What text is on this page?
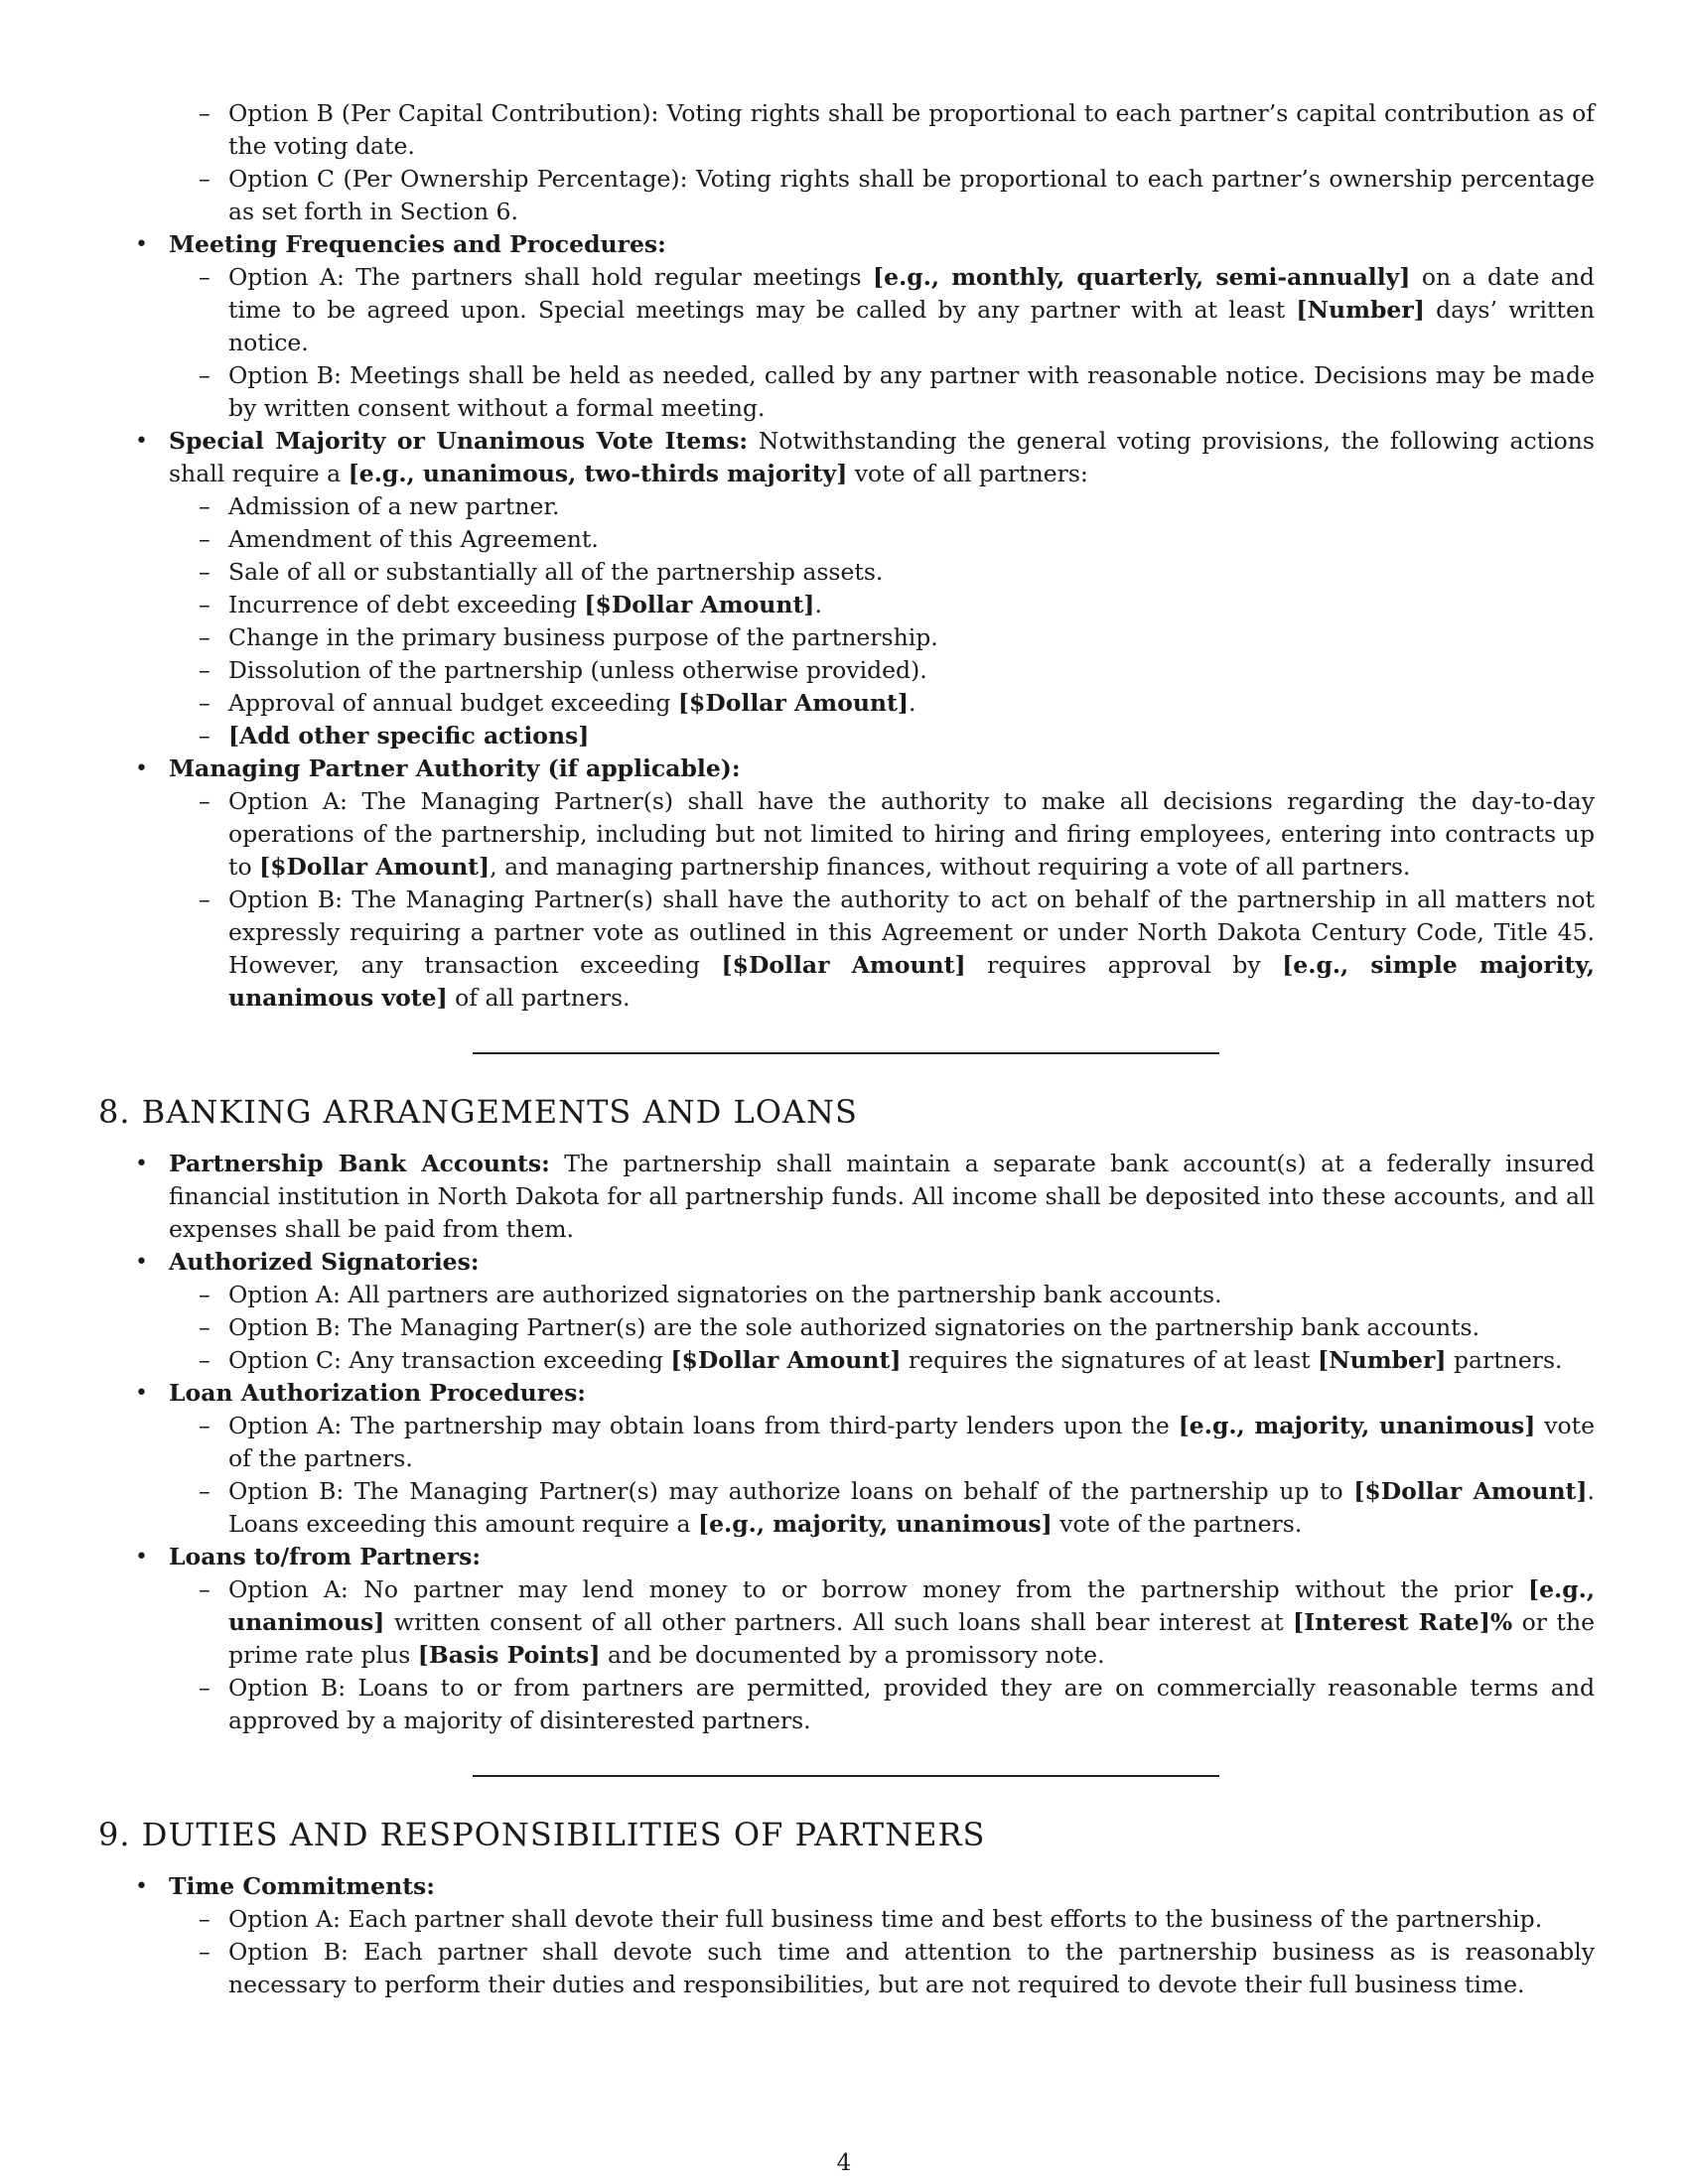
– Option B (Per Capital Contribution): Voting rights shall be proportional to each partner’s capital contribution as of the voting date.
– Option C (Per Ownership Percentage): Voting rights shall be proportional to each partner’s ownership percentage as set forth in Section 6.
• Meeting Frequencies and Procedures:
– Option A: The partners shall hold regular meetings [e.g., monthly, quarterly, semi-annually] on a date and time to be agreed upon. Special meetings may be called by any partner with at least [Number] days’ written notice.
– Option B: Meetings shall be held as needed, called by any partner with reasonable notice. Decisions may be made by written consent without a formal meeting.
• Special Majority or Unanimous Vote Items: Notwithstanding the general voting provisions, the following actions shall require a [e.g., unanimous, two-thirds majority] vote of all partners:
– Admission of a new partner.
– Amendment of this Agreement.
– Sale of all or substantially all of the partnership assets.
– Incurrence of debt exceeding [$Dollar Amount].
– Change in the primary business purpose of the partnership.
– Dissolution of the partnership (unless otherwise provided).
– Approval of annual budget exceeding [$Dollar Amount].
– [Add other specific actions]
• Managing Partner Authority (if applicable):
– Option A: The Managing Partner(s) shall have the authority to make all decisions regarding the day-to-day operations of the partnership, including but not limited to hiring and firing employees, entering into contracts up to [$Dollar Amount], and managing partnership finances, without requiring a vote of all partners.
– Option B: The Managing Partner(s) shall have the authority to act on behalf of the partnership in all matters not expressly requiring a partner vote as outlined in this Agreement or under North Dakota Century Code, Title 45. However, any transaction exceeding [$Dollar Amount] requires approval by [e.g., simple majority, unanimous vote] of all partners.
8. BANKING ARRANGEMENTS AND LOANS
• Partnership Bank Accounts: The partnership shall maintain a separate bank account(s) at a federally insured financial institution in North Dakota for all partnership funds. All income shall be deposited into these accounts, and all expenses shall be paid from them.
• Authorized Signatories:
– Option A: All partners are authorized signatories on the partnership bank accounts.
– Option B: The Managing Partner(s) are the sole authorized signatories on the partnership bank accounts.
– Option C: Any transaction exceeding [$Dollar Amount] requires the signatures of at least [Number] partners.
• Loan Authorization Procedures:
– Option A: The partnership may obtain loans from third-party lenders upon the [e.g., majority, unanimous] vote of the partners.
– Option B: The Managing Partner(s) may authorize loans on behalf of the partnership up to [$Dollar Amount]. Loans exceeding this amount require a [e.g., majority, unanimous] vote of the partners.
• Loans to/from Partners:
– Option A: No partner may lend money to or borrow money from the partnership without the prior [e.g., unanimous] written consent of all other partners. All such loans shall bear interest at [Interest Rate]% or the prime rate plus [Basis Points] and be documented by a promissory note.
– Option B: Loans to or from partners are permitted, provided they are on commercially reasonable terms and approved by a majority of disinterested partners.
9. DUTIES AND RESPONSIBILITIES OF PARTNERS
• Time Commitments:
– Option A: Each partner shall devote their full business time and best efforts to the business of the partnership.
– Option B: Each partner shall devote such time and attention to the partnership business as is reasonably necessary to perform their duties and responsibilities, but are not required to devote their full business time.
4
